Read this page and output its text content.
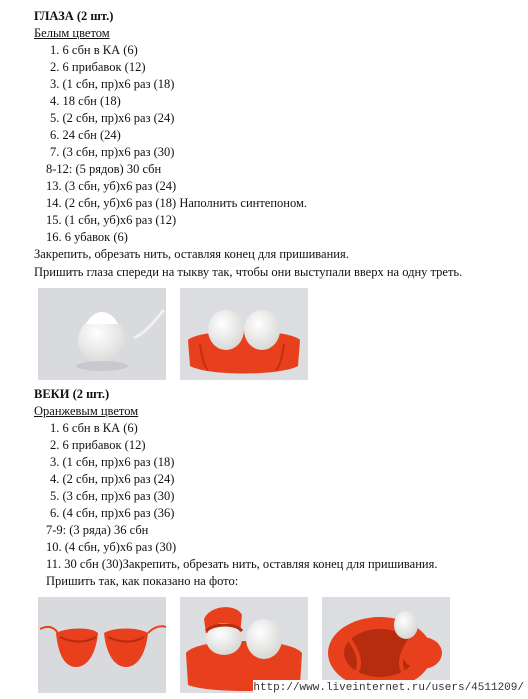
ГЛАЗА (2 шт.)
Белым цветом
1. 6 сбн в КА (6)
2. 6 прибавок (12)
3. (1 сбн, пр)х6 раз (18)
4. 18 сбн (18)
5. (2 сбн, пр)х6 раз (24)
6. 24 сбн (24)
7. (3 сбн, пр)х6 раз (30)
8-12: (5 рядов) 30 сбн
13. (3 сбн, уб)х6 раз (24)
14. (2 сбн, уб)х6 раз (18) Наполнить синтепоном.
15. (1 сбн, уб)х6 раз (12)
16. 6 убавок (6)
Закрепить, обрезать нить, оставляя конец для пришивания.
Пришить глаза спереди на тыкву так, чтобы они выступали вверх на одну треть.
ВЕКИ (2 шт.)
Оранжевым цветом
1. 6 сбн в КА (6)
2. 6 прибавок (12)
3. (1 сбн, пр)х6 раз (18)
4. (2 сбн, пр)х6 раз (24)
5. (3 сбн, пр)х6 раз (30)
6. (4 сбн, пр)х6 раз (36)
7-9: (3 ряда) 36 сбн
10. (4 сбн, уб)х6 раз (30)
11. 30 сбн (30)Закрепить, обрезать нить, оставляя конец для пришивания.
Пришить так, как показано на фото:
http://www.liveinternet.ru/users/4511209/
